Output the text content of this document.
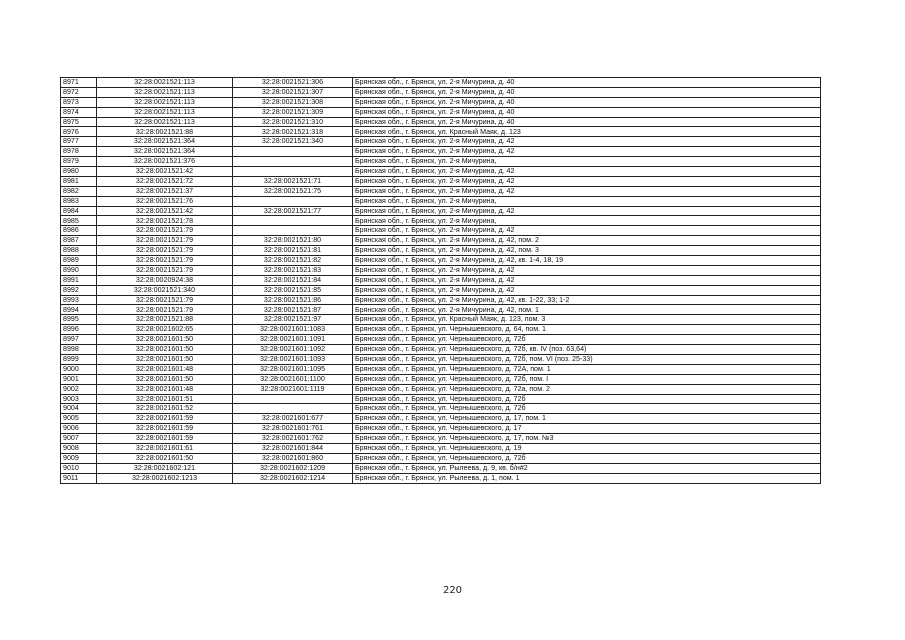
8971	32:28:0021521:113	32:28:0021521:306	Брянская обл., г. Брянск, ул. 2-я Мичурина, д. 40
8972	32:28:0021521:113	32:28:0021521:307	Брянская обл., г. Брянск, ул. 2-я Мичурина, д. 40
8973	32:28:0021521:113	32:28:0021521:308	Брянская обл., г. Брянск, ул. 2-я Мичурина, д. 40
8974	32:28:0021521:113	32:28:0021521:309	Брянская обл., г. Брянск, ул. 2-я Мичурина, д. 40
8975	32:28:0021521:113	32:28:0021521:310	Брянская обл., г. Брянск, ул. 2-я Мичурина, д. 40
8976	32:28:0021521:88	32:28:0021521:318	Брянская обл., г. Брянск, ул. Красный Маяк, д. 123
8977	32:28:0021521:364	32:28:0021521:340	Брянская обл., г. Брянск, ул. 2-я Мичурина, д. 42
8978	32:28:0021521:364		Брянская обл., г. Брянск, ул. 2-я Мичурина, д. 42
8979	32:28:0021521:376		Брянская обл., г. Брянск, ул. 2-я Мичурина,
8980	32:28:0021521:42		Брянская обл., г. Брянск, ул. 2-я Мичурина, д. 42
8981	32:28:0021521:72	32:28:0021521:71	Брянская обл., г. Брянск, ул. 2-я Мичурина, д. 42
8982	32:28:0021521:37	32:28:0021521:75	Брянская обл., г. Брянск, ул. 2-я Мичурина, д. 42
8983	32:28:0021521:76		Брянская обл., г. Брянск, ул. 2-я Мичурина,
8984	32:28:0021521:42	32:28:0021521:77	Брянская обл., г. Брянск, ул. 2-я Мичурина, д. 42
8985	32:28:0021521:78		Брянская обл., г. Брянск, ул. 2-я Мичурина,
8986	32:28:0021521:79		Брянская обл., г. Брянск, ул. 2-я Мичурина, д. 42
8987	32:28:0021521:79	32:28:0021521:80	Брянская обл., г. Брянск, ул. 2-я Мичурина, д. 42, пом. 2
8988	32:28:0021521:79	32:28:0021521:81	Брянская обл., г. Брянск, ул. 2-я Мичурина, д. 42, пом. 3
8989	32:28:0021521:79	32:28:0021521:82	Брянская обл., г. Брянск, ул. 2-я Мичурина, д. 42, кв. 1-4, 18, 19
8990	32:28:0021521:79	32:28:0021521:83	Брянская обл., г. Брянск, ул. 2-я Мичурина, д. 42
8991	32:28:0020924:38	32:28:0021521:84	Брянская обл., г. Брянск, ул. 2-я Мичурина, д. 42
8992	32:28:0021521:340	32:28:0021521:85	Брянская обл., г. Брянск, ул. 2-я Мичурина, д. 42
8993	32:28:0021521:79	32:28:0021521:86	Брянская обл., г. Брянск, ул. 2-я Мичурина, д. 42, кв. 1-22, 33; 1-2
8994	32:28:0021521:79	32:28:0021521:87	Брянская обл., г. Брянск, ул. 2-я Мичурина, д. 42, пом. 1
8995	32:28:0021521:88	32:28:0021521:97	Брянская обл., г. Брянск, ул. Красный Маяк, д. 123, пом. 3
8996	32:28:0021602:65	32:28:0021601:1083	Брянская обл., г. Брянск, ул. Чернышевского, д. 64, пом. 1
8997	32:28:0021601:50	32:28:0021601:1091	Брянская обл., г. Брянск, ул. Чернышевского, д. 72б
8998	32:28:0021601:50	32:28:0021601:1092	Брянская обл., г. Брянск, ул. Чернышевского, д. 72б, кв. IV (поз. 63,64)
8999	32:28:0021601:50	32:28:0021601:1093	Брянская обл., г. Брянск, ул. Чернышевского, д. 72б, пом. VI (поз. 25-33)
9000	32:28:0021601:48	32:28:0021601:1095	Брянская обл., г. Брянск, ул. Чернышевского, д. 72А, пом. 1
9001	32:28:0021601:50	32:28:0021601:1100	Брянская обл., г. Брянск, ул. Чернышевского, д. 72б, пом. I
9002	32:28:0021601:48	32:28:0021601:1119	Брянская обл., г. Брянск, ул. Чернышевского, д. 72а, пом. 2
9003	32:28:0021601:51		Брянская обл., г. Брянск, ул. Чернышевского, д. 72б
9004	32:28:0021601:52		Брянская обл., г. Брянск, ул. Чернышевского, д. 72б
9005	32:28:0021601:59	32:28:0021601:677	Брянская обл., г. Брянск, ул. Чернышевского, д. 17, пом. 1
9006	32:28:0021601:59	32:28:0021601:761	Брянская обл., г. Брянск, ул. Чернышевского, д. 17
9007	32:28:0021601:59	32:28:0021601:762	Брянская обл., г. Брянск, ул. Чернышевского, д. 17, пом. №3
9008	32:28:0021601:61	32:28:0021601:844	Брянская обл., г. Брянск, ул. Чернышевского, д. 19
9009	32:28:0021601:50	32:28:0021601:860	Брянская обл., г. Брянск, ул. Чернышевского, д. 72б
9010	32:28:0021602:121	32:28:0021602:1209	Брянская обл., г. Брянск, ул. Рылеева, д. 9, кв. б/н#2
9011	32:28:0021602:1213	32:28:0021602:1214	Брянская обл., г. Брянск, ул. Рылеева, д. 1, пом. 1
220
